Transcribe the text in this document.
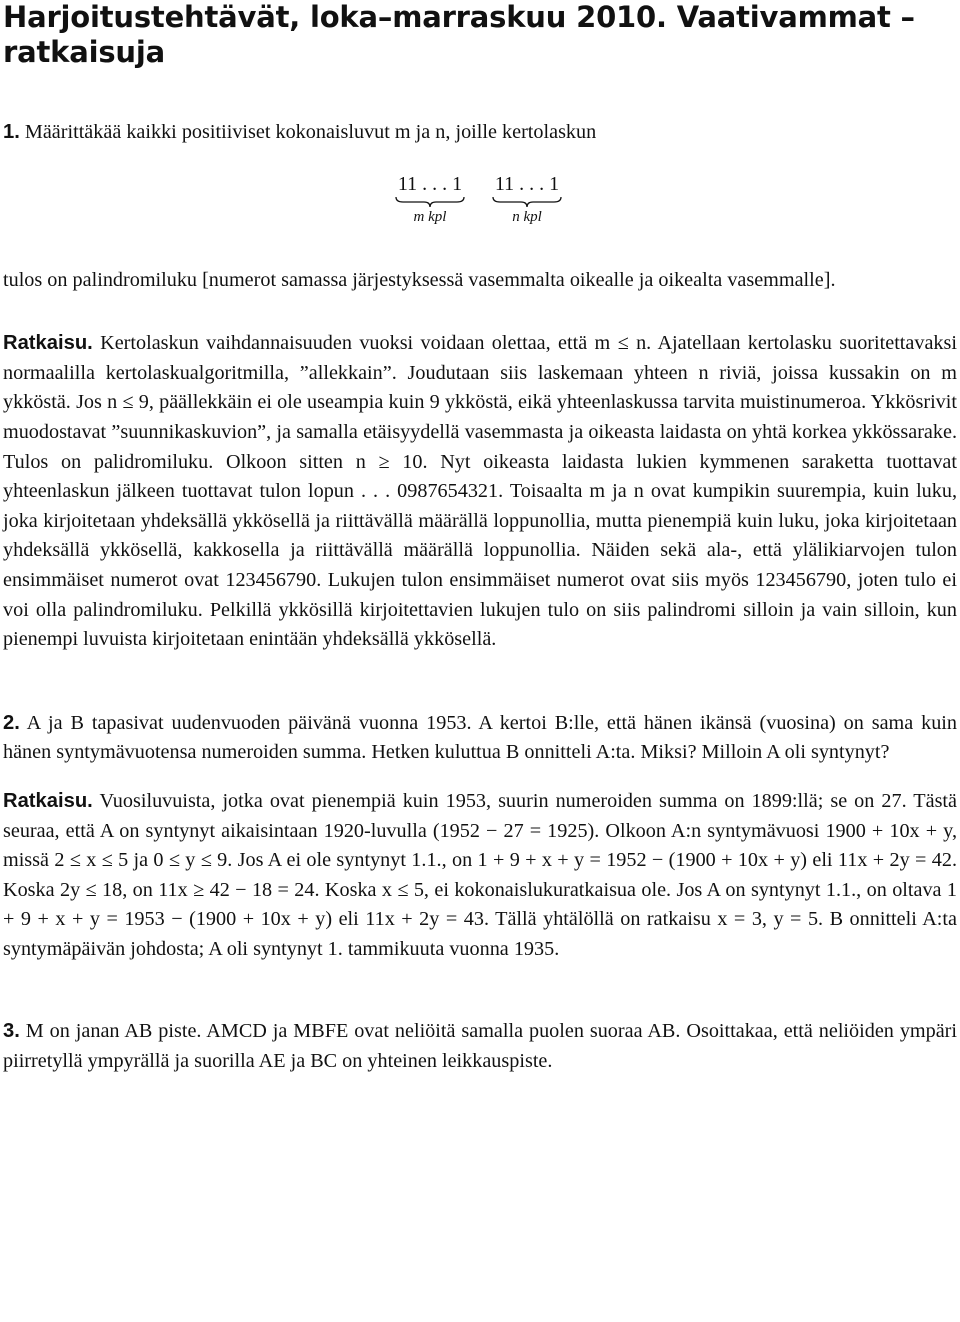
Harjoitustehtävät, loka–marraskuu 2010. Vaativammat – ratkaisuja

1. Määrittäkää kaikki positiiviset kokonaisluvut m ja n, joille kertolaskun

11 . . . 1
m kpl
11 . . . 1
n kpl

tulos on palindromiluku [numerot samassa järjestyksessä vasemmalta oikealle ja oikealta vasemmalle].

Ratkaisu. Kertolaskun vaihdannaisuuden vuoksi voidaan olettaa, että m ≤ n. Ajatellaan kertolasku suoritettavaksi normaalilla kertolaskualgoritmilla, ”allekkain”. Joudutaan siis laskemaan yhteen n riviä, joissa kussakin on m ykköstä. Jos n ≤ 9, päällekkäin ei ole useampia kuin 9 ykköstä, eikä yhteenlaskussa tarvita muistinumeroa. Ykkösrivit muodostavat ”suunnikaskuvion”, ja samalla etäisyydellä vasemmasta ja oikeasta laidasta on yhtä korkea ykkössarake. Tulos on palidromiluku. Olkoon sitten n ≥ 10. Nyt oikeasta laidasta lukien kymmenen saraketta tuottavat yhteenlaskun jälkeen tuottavat tulon lopun . . . 0987654321. Toisaalta m ja n ovat kumpikin suurempia, kuin luku, joka kirjoitetaan yhdeksällä ykkösellä ja riittävällä määrällä loppunollia, mutta pienempiä kuin luku, joka kirjoitetaan yhdeksällä ykkösellä, kakkosella ja riittävällä määrällä loppunollia. Näiden sekä ala-, että ylälikiarvojen tulon ensimmäiset numerot ovat 123456790. Lukujen tulon ensimmäiset numerot ovat siis myös 123456790, joten tulo ei voi olla palindromiluku. Pelkillä ykkösillä kirjoitettavien lukujen tulo on siis palindromi silloin ja vain silloin, kun pienempi luvuista kirjoitetaan enintään yhdeksällä ykkösellä.

2. A ja B tapasivat uudenvuoden päivänä vuonna 1953. A kertoi B:lle, että hänen ikänsä (vuosina) on sama kuin hänen syntymävuotensa numeroiden summa. Hetken kuluttua B onnitteli A:ta. Miksi? Milloin A oli syntynyt?

Ratkaisu. Vuosiluvuista, jotka ovat pienempiä kuin 1953, suurin numeroiden summa on 1899:llä; se on 27. Tästä seuraa, että A on syntynyt aikaisintaan 1920-luvulla (1952 − 27 = 1925). Olkoon A:n syntymävuosi 1900 + 10x + y, missä 2 ≤ x ≤ 5 ja 0 ≤ y ≤ 9. Jos A ei ole syntynyt 1.1., on 1 + 9 + x + y = 1952 − (1900 + 10x + y) eli 11x + 2y = 42. Koska 2y ≤ 18, on 11x ≥ 42 − 18 = 24. Koska x ≤ 5, ei kokonaislukuratkaisua ole. Jos A on syntynyt 1.1., on oltava 1 + 9 + x + y = 1953 − (1900 + 10x + y) eli 11x + 2y = 43. Tällä yhtälöllä on ratkaisu x = 3, y = 5. B onnitteli A:ta syntymäpäivän johdosta; A oli syntynyt 1. tammikuuta vuonna 1935.

3. M on janan AB piste. AMCD ja MBFE ovat neliöitä samalla puolen suoraa AB. Osoittakaa, että neliöiden ympäri piirretyllä ympyrällä ja suorilla AE ja BC on yhteinen leikkauspiste.
